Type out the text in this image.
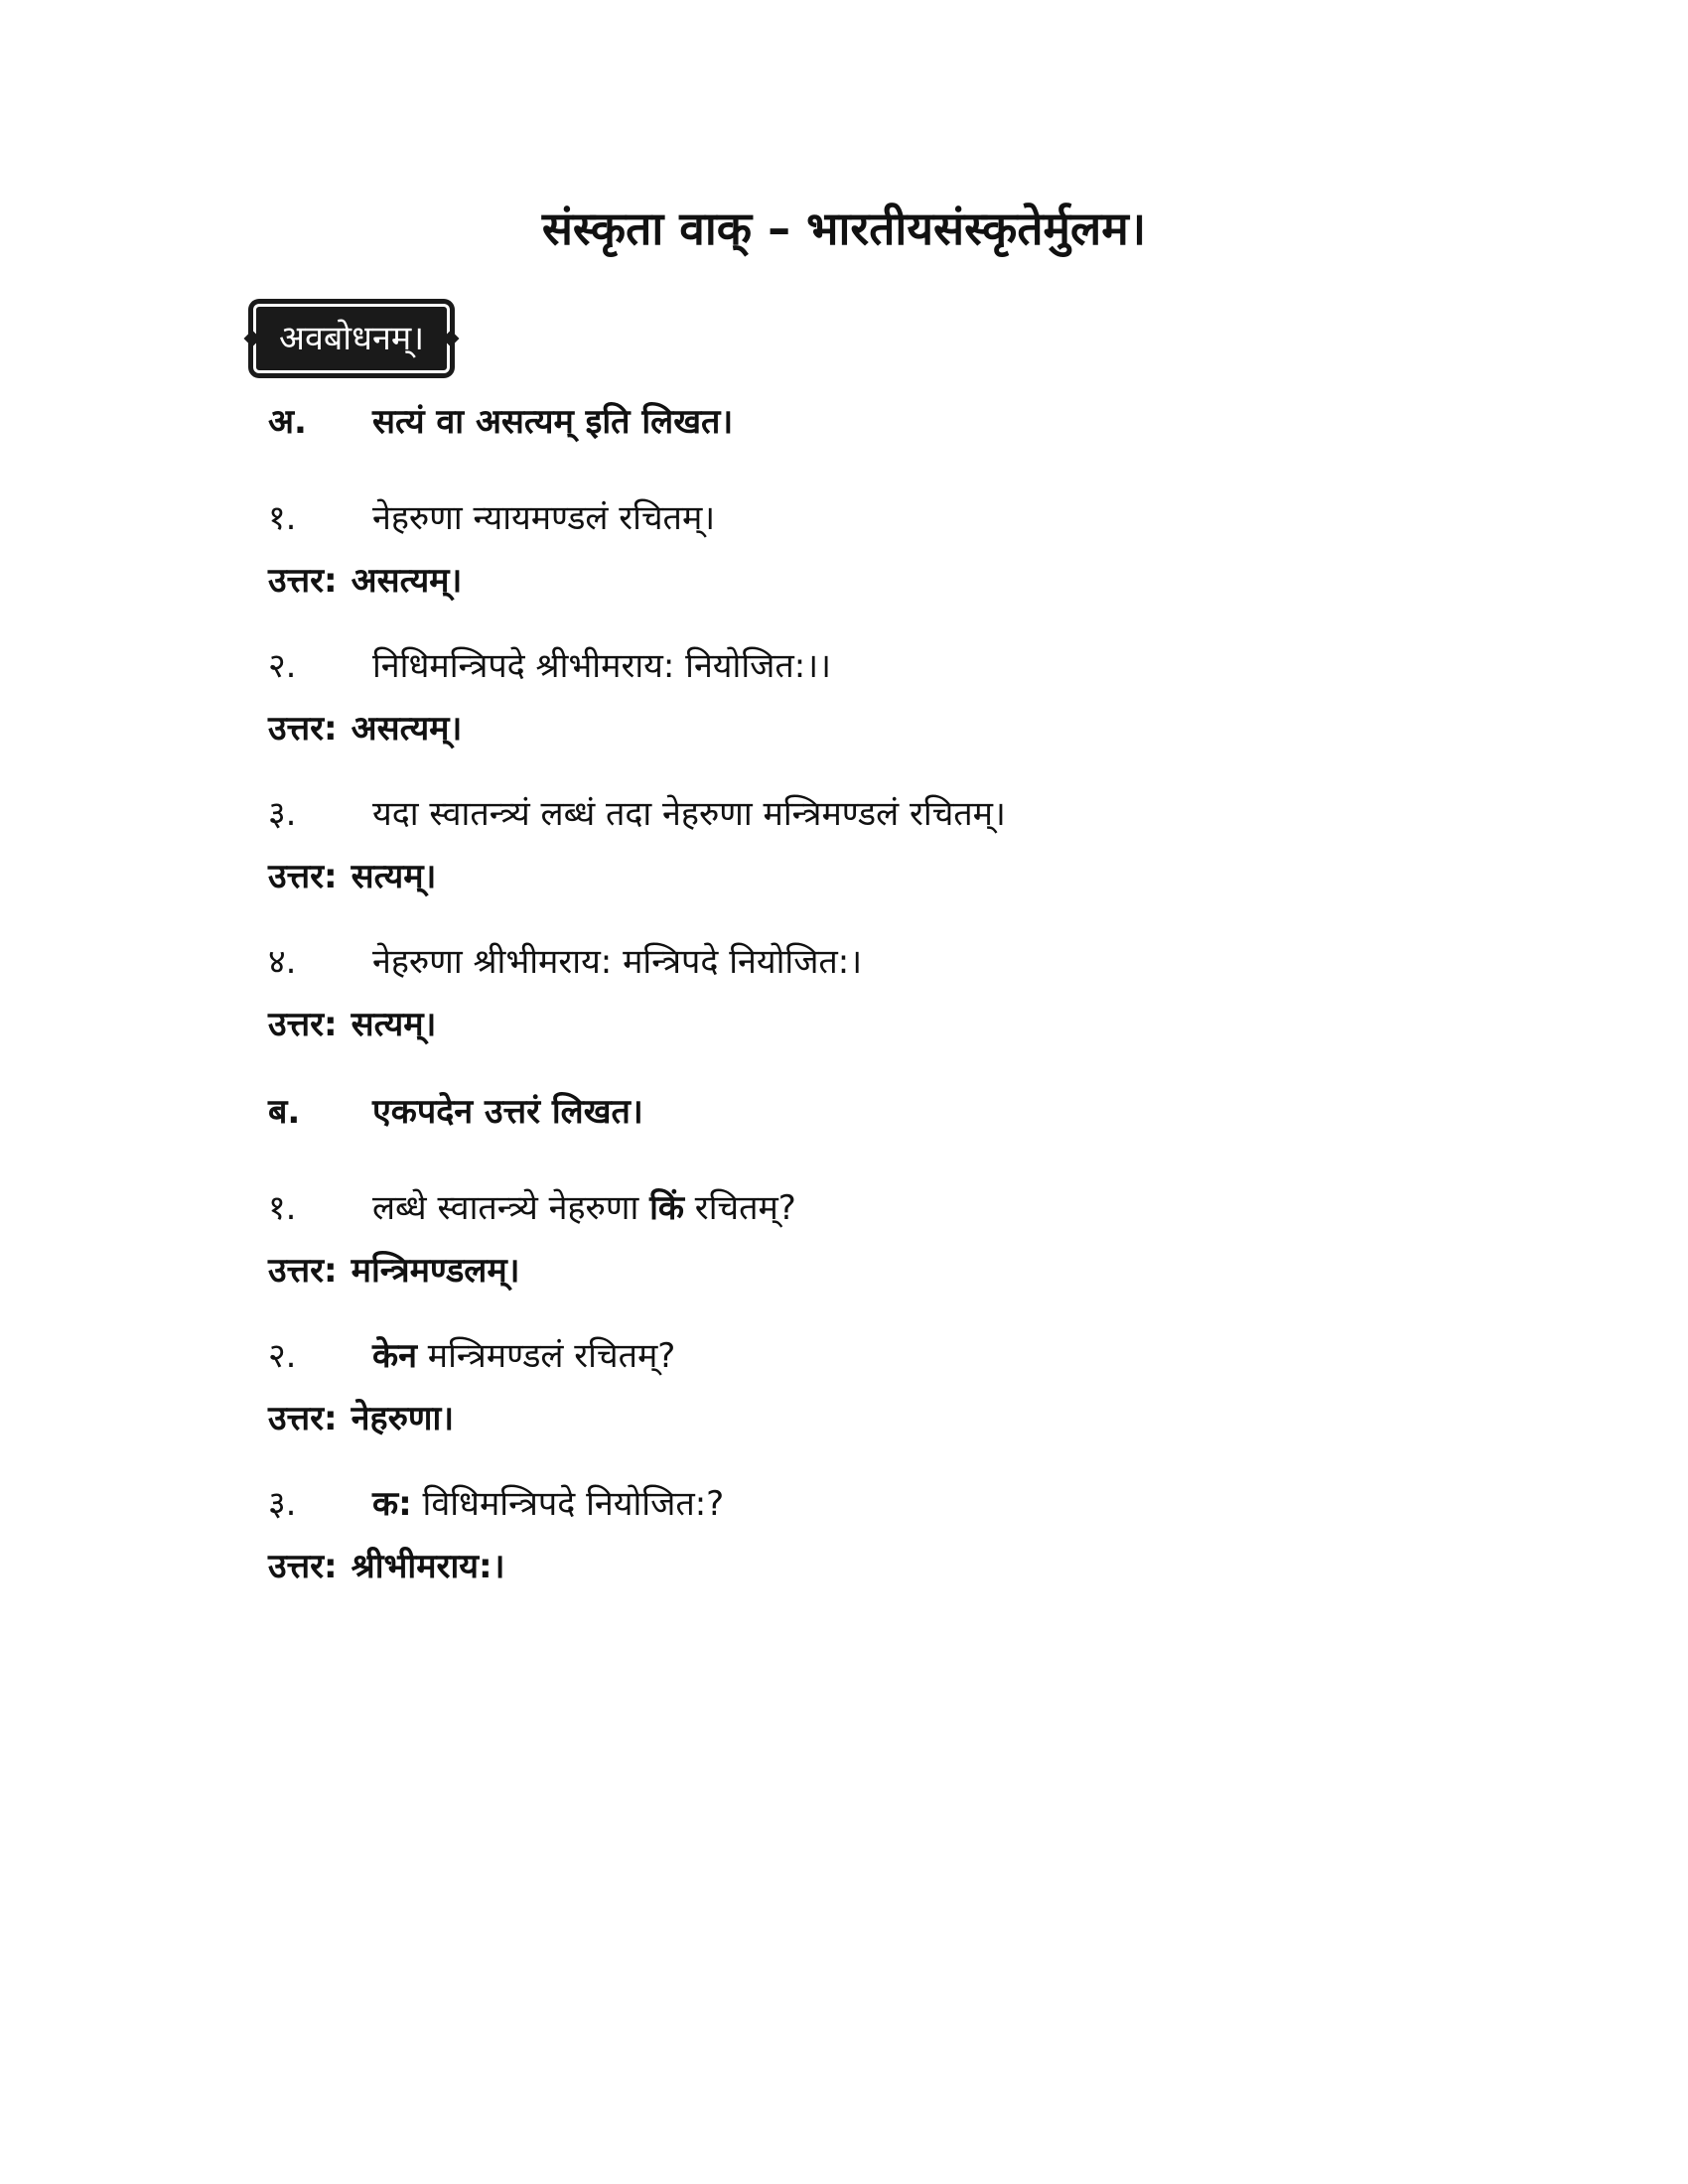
संस्कृता वाक् – भारतीयसंस्कृतेर्मुलम।
अवबोधनम्।
अ. सत्यं वा असत्यम् इति लिखत।
१. नेहरुणा न्यायमण्डलं रचितम्।
उत्तर: असत्यम्।
२. निधिमन्त्रिपदे श्रीभीमराय: नियोजित:।।
उत्तर: असत्यम्।
३. यदा स्वातन्त्र्यं लब्धं तदा नेहरुणा मन्त्रिमण्डलं रचितम्।
उत्तर: सत्यम्।
४. नेहरुणा श्रीभीमराय: मन्त्रिपदे नियोजित:।
उत्तर: सत्यम्।
ब. एकपदेन उत्तरं लिखत।
१. लब्धे स्वातन्त्र्ये नेहरुणा किं रचितम्?
उत्तर: मन्त्रिमण्डलम्।
२. केन मन्त्रिमण्डलं रचितम्?
उत्तर: नेहरुणा।
३. क: विधिमन्त्रिपदे नियोजित:?
उत्तर: श्रीभीमराय:।
